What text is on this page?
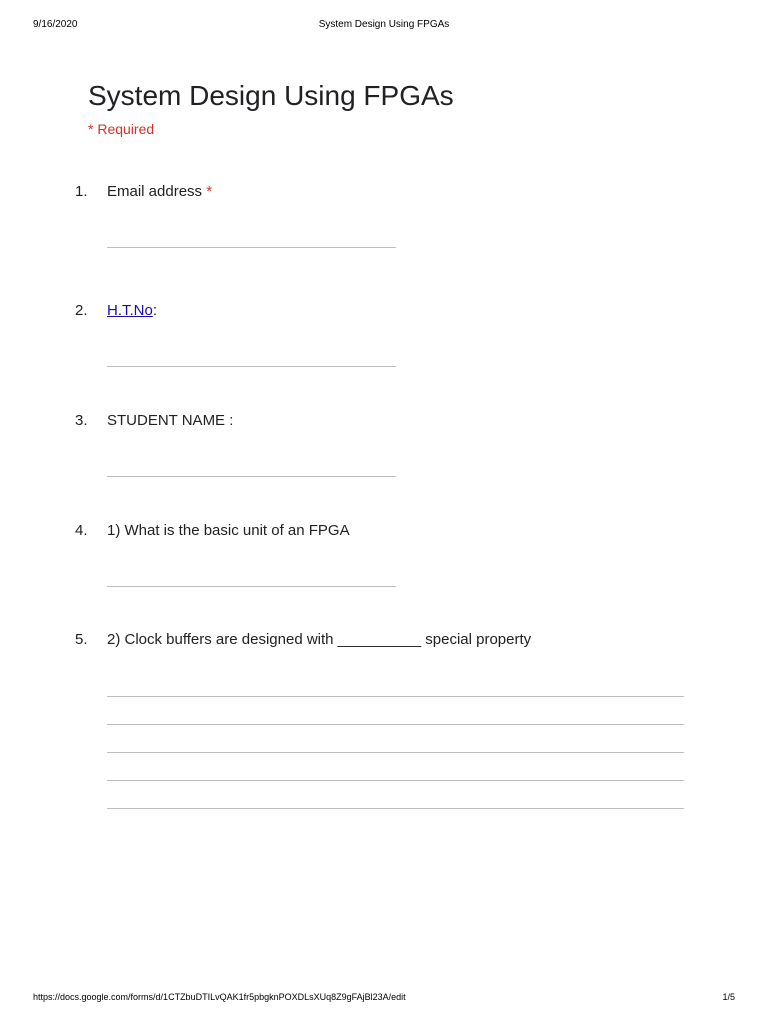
9/16/2020	System Design Using FPGAs
System Design Using FPGAs
* Required
1. Email address *
2. H.T.No:
3. STUDENT NAME :
4. 1) What is the basic unit of an FPGA
5. 2) Clock buffers are designed with __________ special property
https://docs.google.com/forms/d/1CTZbuDTILvQAK1fr5pbgknPOXDLsXUq8Z9gFAjBl23A/edit	1/5
